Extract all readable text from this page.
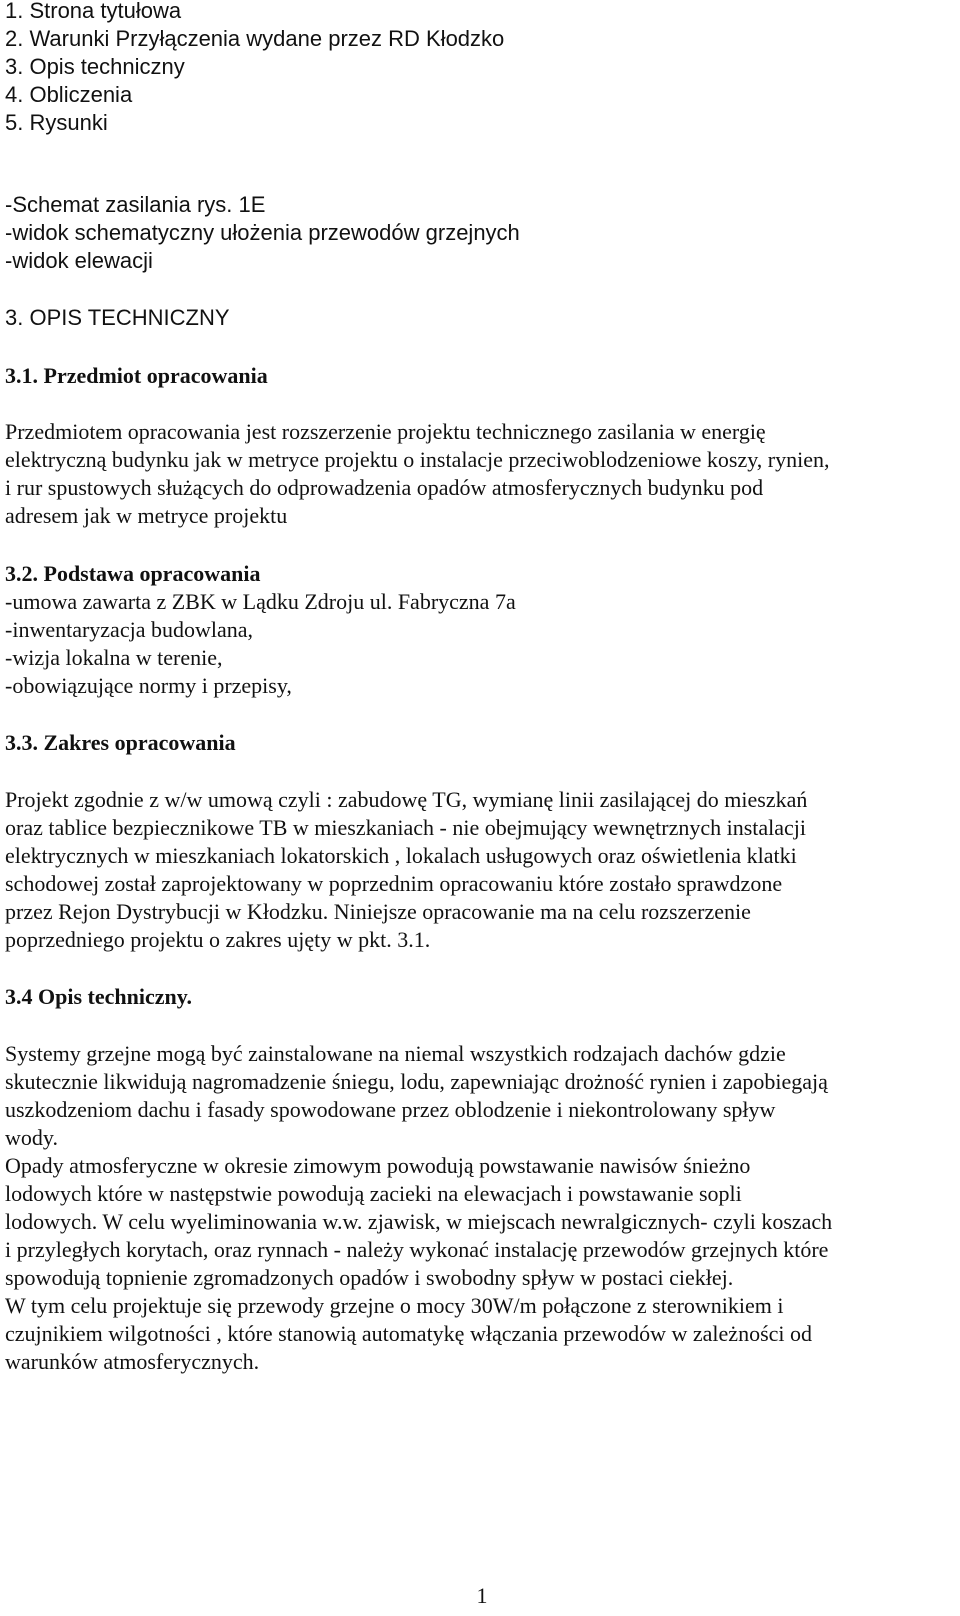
1. Strona tytułowa
2. Warunki Przyłączenia wydane przez RD Kłodzko
3. Opis techniczny
4. Obliczenia
5. Rysunki
-Schemat zasilania rys. 1E
-widok schematyczny ułożenia przewodów grzejnych
-widok elewacji
3. OPIS TECHNICZNY
3.1. Przedmiot opracowania
Przedmiotem opracowania jest rozszerzenie projektu technicznego zasilania w energię
elektryczną budynku jak w metryce projektu o instalacje przeciwoblodzeniowe koszy, rynien,
i rur spustowych służących do odprowadzenia opadów atmosferycznych budynku pod
adresem jak w metryce projektu
3.2. Podstawa opracowania
-umowa zawarta z ZBK w Lądku Zdroju ul. Fabryczna 7a
-inwentaryzacja budowlana,
-wizja lokalna w terenie,
-obowiązujące normy i przepisy,
3.3. Zakres opracowania
Projekt zgodnie z w/w umową czyli : zabudowę TG, wymianę linii zasilającej do mieszkań
oraz tablice bezpiecznikowe TB w mieszkaniach - nie obejmujący wewnętrznych instalacji
elektrycznych w mieszkaniach lokatorskich , lokalach usługowych oraz oświetlenia klatki
schodowej został zaprojektowany w poprzednim opracowaniu które zostało sprawdzone
przez Rejon Dystrybucji w Kłodzku. Niniejsze opracowanie ma na celu rozszerzenie
poprzedniego projektu o zakres ujęty w pkt. 3.1.
3.4 Opis techniczny.
Systemy grzejne mogą być zainstalowane na niemal wszystkich rodzajach dachów gdzie
skutecznie likwidują nagromadzenie śniegu, lodu, zapewniając drożność rynien i zapobiegają
uszkodzeniom dachu i fasady spowodowane przez oblodzenie i niekontrolowany spływ
wody.
Opady atmosferyczne w okresie zimowym powodują powstawanie nawisów śnieżno
lodowych które w następstwie powodują zacieki na elewacjach i powstawanie sopli
lodowych. W celu wyeliminowania w.w. zjawisk, w miejscach newralgicznych- czyli koszach
i przyległych korytach, oraz rynnach - należy wykonać instalację przewodów grzejnych które
spowodują topnienie zgromadzonych opadów i swobodny spływ w postaci ciekłej.
W tym celu projektuje się przewody grzejne o mocy 30W/m połączone z sterownikiem i
czujnikiem wilgotności , które stanowią automatykę włączania przewodów w zależności od
warunków atmosferycznych.
1
